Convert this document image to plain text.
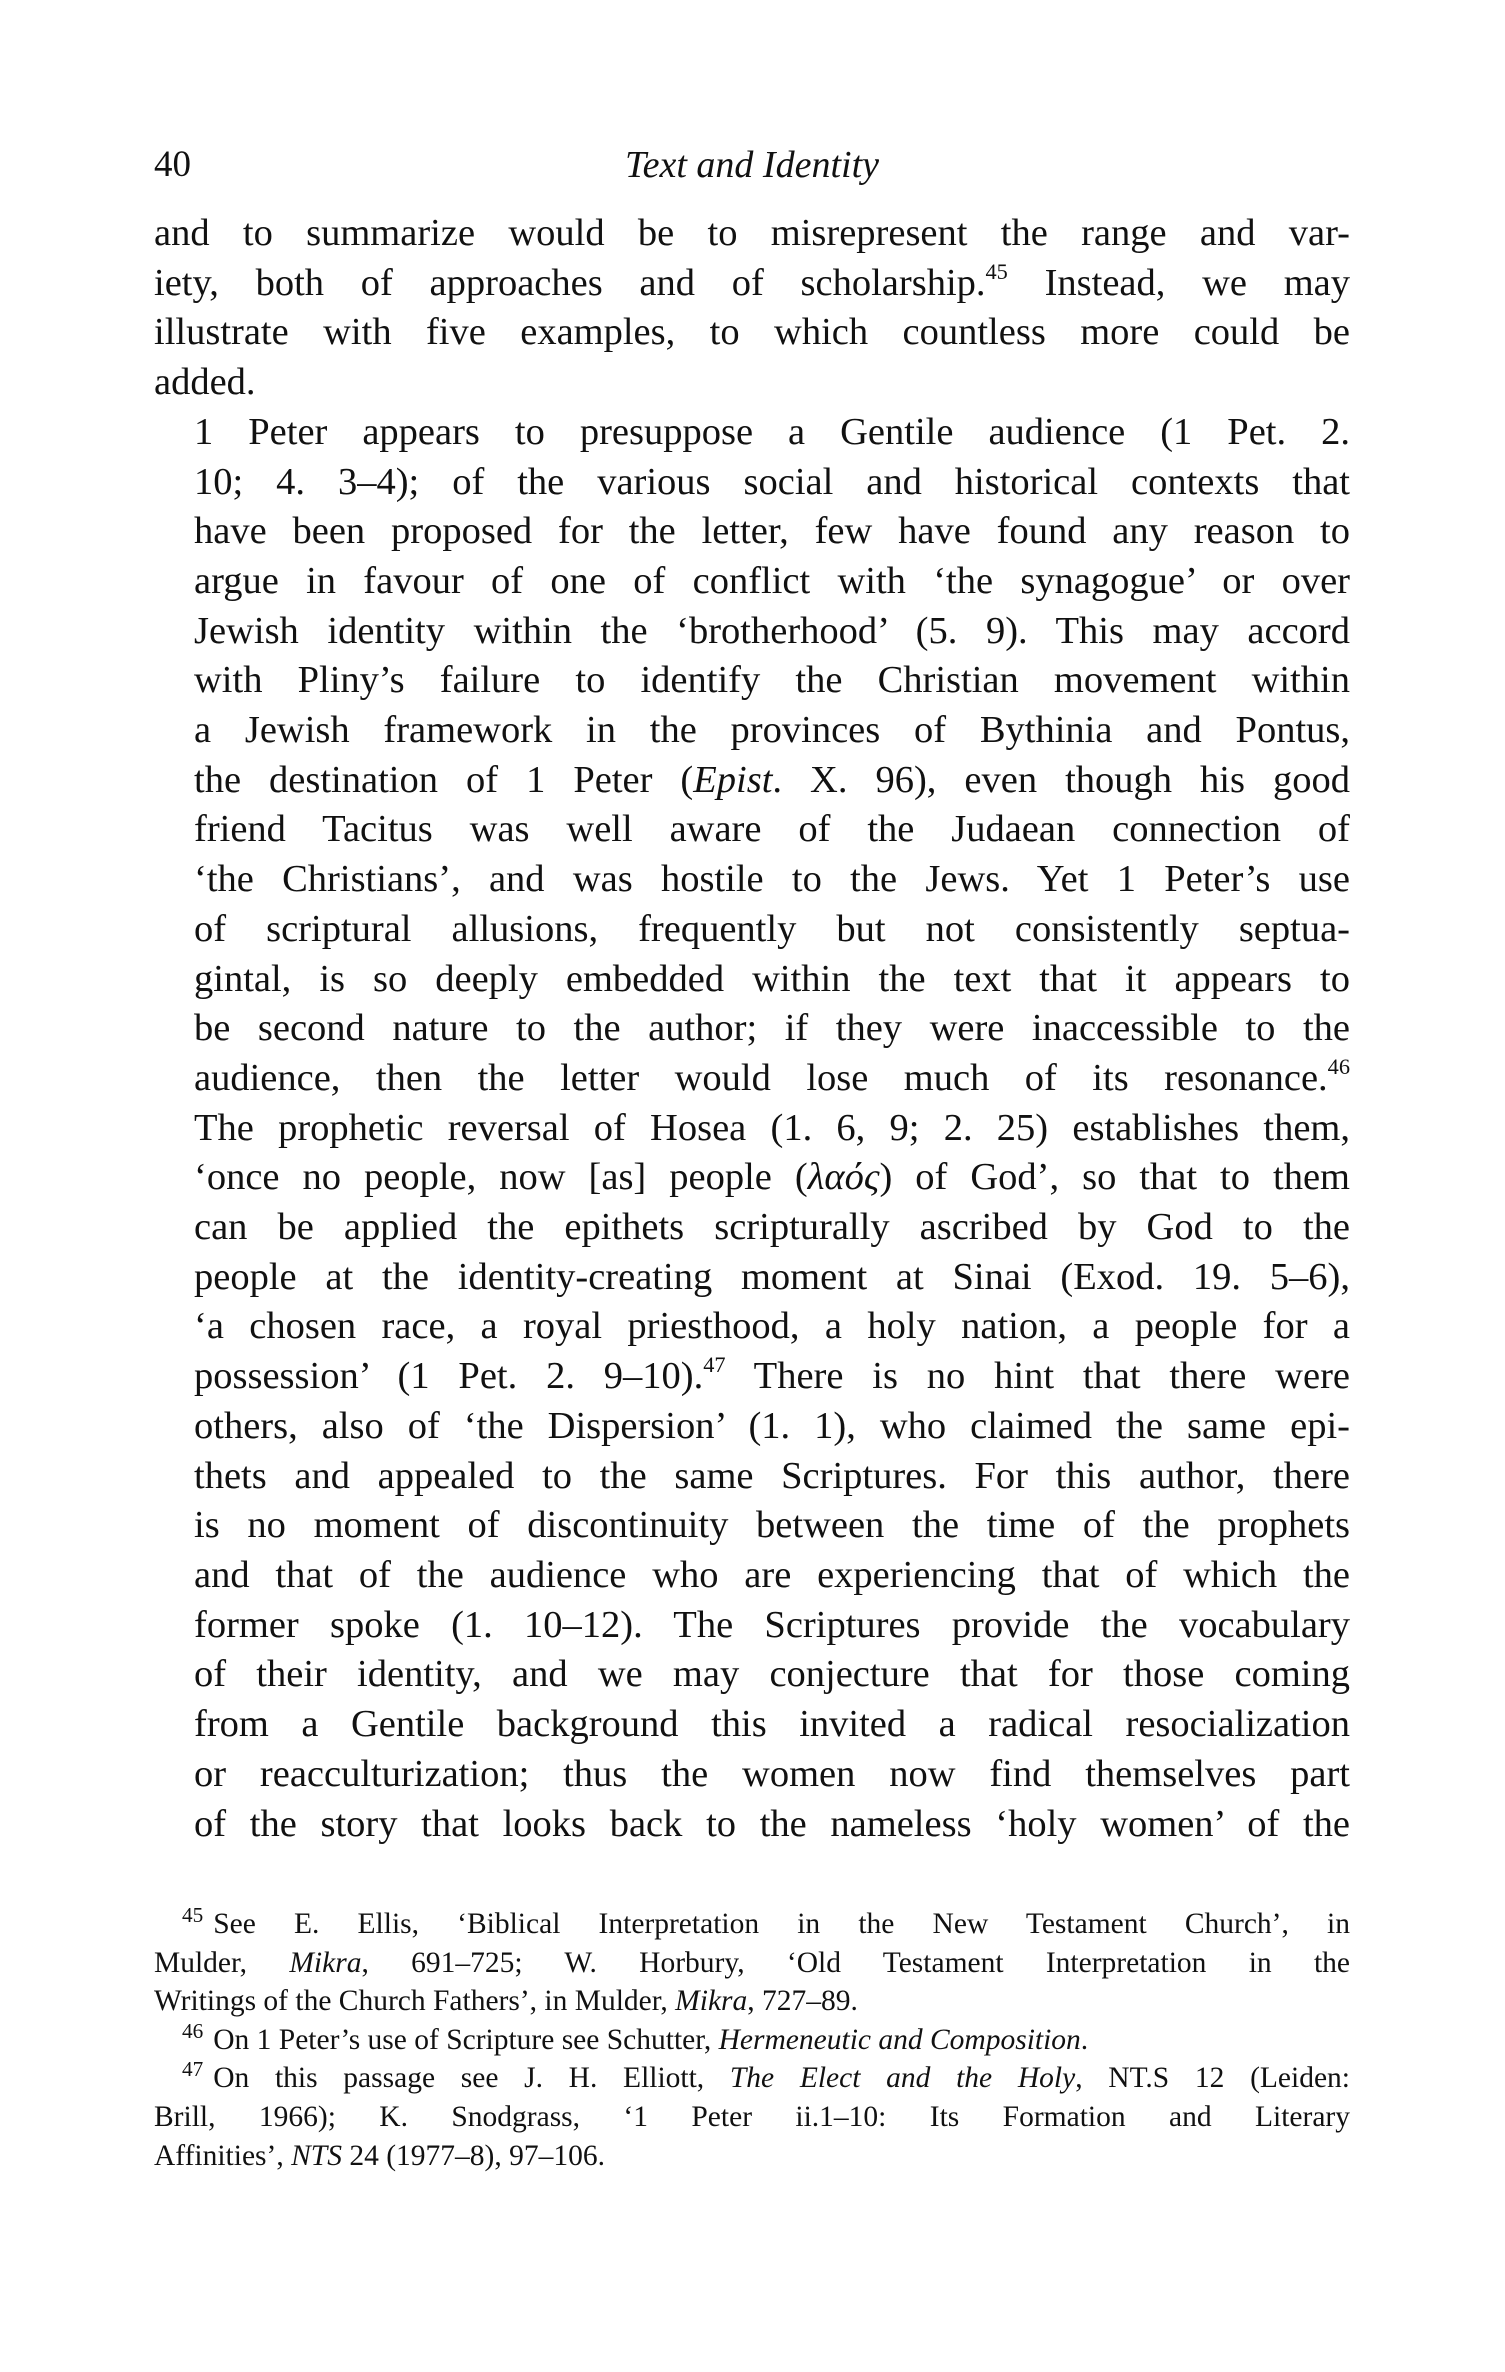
40	Text and Identity

and to summarize would be to misrepresent the range and var-
iety, both of approaches and of scholarship.$^{45}$ Instead, we may
illustrate with five examples, to which countless more could be
added.

1 Peter appears to presuppose a Gentile audience (1 Pet. 2.
10; 4. 3–4); of the various social and historical contexts that
have been proposed for the letter, few have found any reason to
argue in favour of one of conflict with ‘the synagogue’ or over
Jewish identity within the ‘brotherhood’ (5. 9). This may accord
with Pliny’s failure to identify the Christian movement within
a Jewish framework in the provinces of Bythinia and Pontus,
the destination of 1 Peter (Epist. X. 96), even though his good
friend Tacitus was well aware of the Judaean connection of
‘the Christians’, and was hostile to the Jews. Yet 1 Peter’s use
of scriptural allusions, frequently but not consistently septua-
gintal, is so deeply embedded within the text that it appears to
be second nature to the author; if they were inaccessible to the
audience, then the letter would lose much of its resonance.$^{46}$
The prophetic reversal of Hosea (1. 6, 9; 2. 25) establishes them,
‘once no people, now [as] people (λαός) of God’, so that to them
can be applied the epithets scripturally ascribed by God to the
people at the identity-creating moment at Sinai (Exod. 19. 5–6),
‘a chosen race, a royal priesthood, a holy nation, a people for a
possession’ (1 Pet. 2. 9–10).$^{47}$ There is no hint that there were
others, also of ‘the Dispersion’ (1. 1), who claimed the same epi-
thets and appealed to the same Scriptures. For this author, there
is no moment of discontinuity between the time of the prophets
and that of the audience who are experiencing that of which the
former spoke (1. 10–12). The Scriptures provide the vocabulary
of their identity, and we may conjecture that for those coming
from a Gentile background this invited a radical resocialization
or reacculturization; thus the women now find themselves part
of the story that looks back to the nameless ‘holy women’ of the

$^{45}$ See E. Ellis, ‘Biblical Interpretation in the New Testament Church’, in
Mulder, Mikra, 691–725; W. Horbury, ‘Old Testament Interpretation in the
Writings of the Church Fathers’, in Mulder, Mikra, 727–89.

$^{46}$ On 1 Peter’s use of Scripture see Schutter, Hermeneutic and Composition.

$^{47}$ On this passage see J. H. Elliott, The Elect and the Holy, NT.S 12 (Leiden:
Brill, 1966); K. Snodgrass, ‘1 Peter ii.1–10: Its Formation and Literary
Affinities’, NTS 24 (1977–8), 97–106.
